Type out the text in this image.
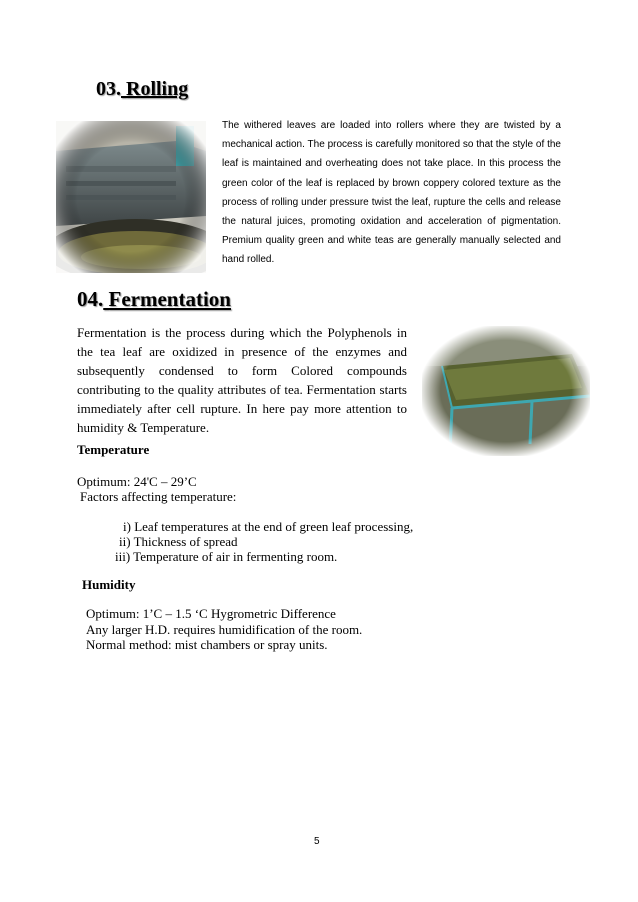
03. Rolling
The withered leaves are loaded into rollers where they are twisted by a mechanical action. The process is carefully monitored so that the style of the leaf is maintained and overheating does not take place. In this process the green color of the leaf is replaced by brown coppery colored texture as the process of rolling under pressure twist the leaf, rupture the cells and release the natural juices, promoting oxidation and acceleration of pigmentation. Premium quality green and white teas are generally manually selected and hand rolled.
04. Fermentation
Fermentation is the process during which the Polyphenols in the tea leaf are oxidized in presence of the enzymes and subsequently condensed to form Colored compounds contributing to the quality attributes of tea. Fermentation starts immediately after cell rupture. In here pay more attention to humidity & Temperature.
Temperature
Optimum: 24'C – 29’C
Factors affecting temperature:
i) Leaf temperatures at the end of green leaf processing,
ii) Thickness of spread
iii) Temperature of air in fermenting room.
Humidity
Optimum: 1’C – 1.5 ‘C Hygrometric Difference
Any larger H.D. requires humidification of the room.
Normal method: mist chambers or spray units.
5
